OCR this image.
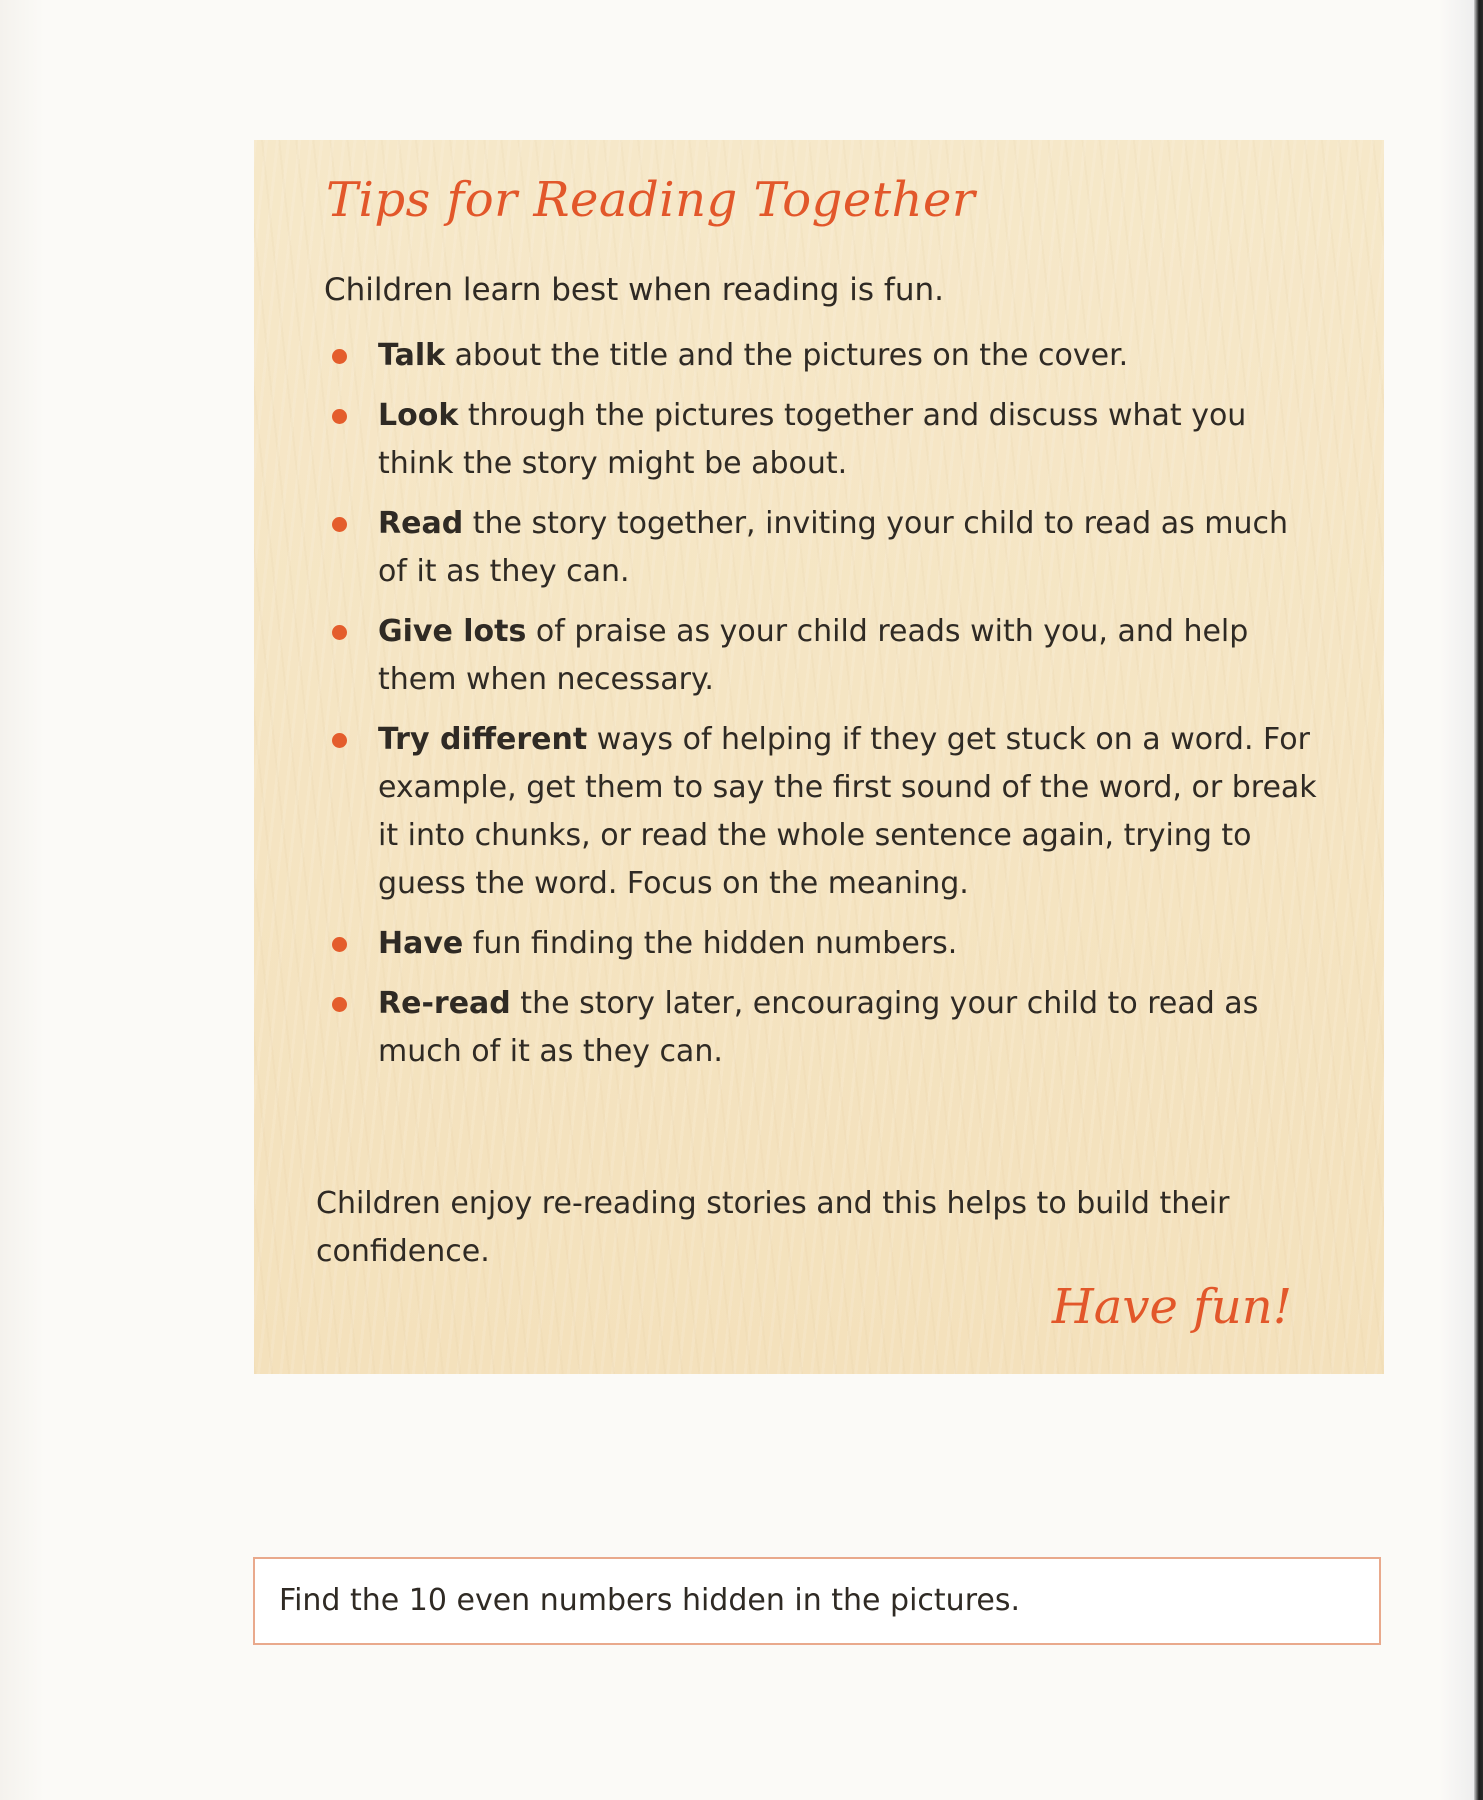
Tips for Reading Together

Children learn best when reading is fun.

Talk about the title and the pictures on the cover.
Look through the pictures together and discuss what you think the story might be about.
Read the story together, inviting your child to read as much of it as they can.
Give lots of praise as your child reads with you, and help them when necessary.
Try different ways of helping if they get stuck on a word. For example, get them to say the first sound of the word, or break it into chunks, or read the whole sentence again, trying to guess the word. Focus on the meaning.
Have fun finding the hidden numbers.
Re-read the story later, encouraging your child to read as much of it as they can.

Children enjoy re-reading stories and this helps to build their confidence.

Have fun!

Find the 10 even numbers hidden in the pictures.
